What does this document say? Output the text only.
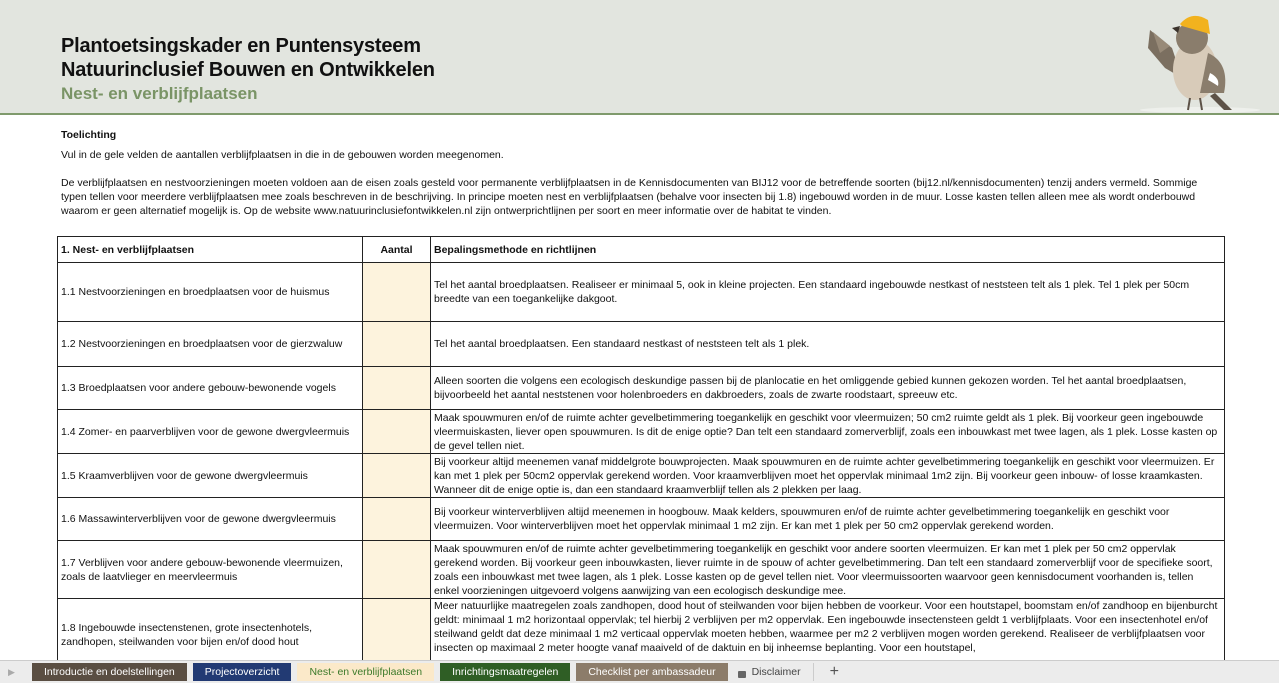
Plantoetsingskader en Puntensysteem
Natuurinclusief Bouwen en Ontwikkelen
Nest- en verblijfplaatsen
Toelichting

Vul in de gele velden de aantallen verblijfplaatsen in die in de gebouwen worden meegenomen.

De verblijfplaatsen en nestvoorzieningen moeten voldoen aan de eisen zoals gesteld voor permanente verblijfplaatsen in de Kennisdocumenten van BIJ12 voor de betreffende soorten (bij12.nl/kennisdocumenten) tenzij anders vermeld. Sommige typen tellen voor meerdere verblijfplaatsen mee zoals beschreven in de beschrijving. In principe moeten nest en verblijfplaatsen (behalve voor insecten bij 1.8) ingebouwd worden in de muur. Losse kasten tellen alleen mee als wordt onderbouwd waarom er geen alternatief mogelijk is. Op de website www.natuurinclusiefontwikkelen.nl zijn ontwerprichtlijnen per soort en meer informatie over de habitat te vinden.

1. Nest- en verblijfplaatsen	Aantal	Bepalingsmethode en richtlijnen
1.1 Nestvoorzieningen en broedplaatsen voor de huismus		Tel het aantal broedplaatsen. Realiseer er minimaal 5, ook in kleine projecten. Een standaard ingebouwde nestkast of neststeen telt als 1 plek. Tel 1 plek per 50cm breedte van een toegankelijke dakgoot.
1.2 Nestvoorzieningen en broedplaatsen voor de gierzwaluw		Tel het aantal broedplaatsen. Een standaard nestkast of neststeen telt als 1 plek.
1.3 Broedplaatsen voor andere gebouw-bewonende vogels		Alleen soorten die volgens een ecologisch deskundige passen bij de planlocatie en het omliggende gebied kunnen gekozen worden. Tel het aantal broedplaatsen, bijvoorbeeld het aantal neststenen voor holenbroeders en dakbroeders, zoals de zwarte roodstaart, spreeuw etc.
1.4 Zomer- en paarverblijven voor de gewone dwergvleermuis		Maak spouwmuren en/of de ruimte achter gevelbetimmering toegankelijk en geschikt voor vleermuizen; 50 cm2 ruimte geldt als 1 plek. Bij voorkeur geen ingebouwde vleermuiskasten, liever open spouwmuren. Is dit de enige optie? Dan telt een standaard zomerverblijf, zoals een inbouwkast met twee lagen, als 1 plek. Losse kasten op de gevel tellen niet.
1.5 Kraamverblijven voor de gewone dwergvleermuis		Bij voorkeur altijd meenemen vanaf middelgrote bouwprojecten. Maak spouwmuren en de ruimte achter gevelbetimmering toegankelijk en geschikt voor vleermuizen. Er kan met 1 plek per 50cm2 oppervlak gerekend worden. Voor kraamverblijven moet het oppervlak minimaal 1m2 zijn. Bij voorkeur geen inbouw- of losse kraamkasten. Wanneer dit de enige optie is, dan een standaard kraamverblijf tellen als 2 plekken per laag.
1.6 Massawinterverblijven voor de gewone dwergvleermuis		Bij voorkeur winterverblijven altijd meenemen in hoogbouw. Maak kelders, spouwmuren en/of de ruimte achter gevelbetimmering toegankelijk en geschikt voor vleermuizen. Voor winterverblijven moet het oppervlak minimaal 1 m2 zijn. Er kan met 1 plek per 50 cm2 oppervlak gerekend worden.
1.7 Verblijven voor andere gebouw-bewonende vleermuizen, zoals de laatvlieger en meervleermuis		Maak spouwmuren en/of de ruimte achter gevelbetimmering toegankelijk en geschikt voor andere soorten vleermuizen. Er kan met 1 plek per 50 cm2 oppervlak gerekend worden. Bij voorkeur geen inbouwkasten, liever ruimte in de spouw of achter gevelbetimmering. Dan telt een standaard zomerverblijf voor de specifieke soort, zoals een inbouwkast met twee lagen, als 1 plek. Losse kasten op de gevel tellen niet. Voor vleermuissoorten waarvoor geen kennisdocument voorhanden is, tellen enkel voorzieningen uitgevoerd volgens aanwijzing van een ecologisch deskundige mee.
1.8 Ingebouwde insectenstenen, grote insectenhotels, zandhopen, steilwanden voor bijen en/of dood hout		Meer natuurlijke maatregelen zoals zandhopen, dood hout of steilwanden voor bijen hebben de voorkeur. Voor een houtstapel, boomstam en/of zandhoop en bijenburcht geldt: minimaal 1 m2 horizontaal oppervlak; tel hierbij 2 verblijven per m2 oppervlak. Een ingebouwde insectensteen geldt 1 verblijfplaats. Voor een insectenhotel en/of steilwand geldt dat deze minimaal 1 m2 verticaal oppervlak moeten hebben, waarmee per m2 2 verblijven mogen worden gerekend. Realiseer de verblijfplaatsen voor insecten op maximaal 2 meter hoogte vanaf maaiveld of de daktuin en bij inheemse beplanting. Voor een houtstapel,
▶	Introductie en doelstellingen	Projectoverzicht	Nest- en verblijfplaatsen	Inrichtingsmaatregelen	Checklist per ambassadeur	Disclaimer	+
